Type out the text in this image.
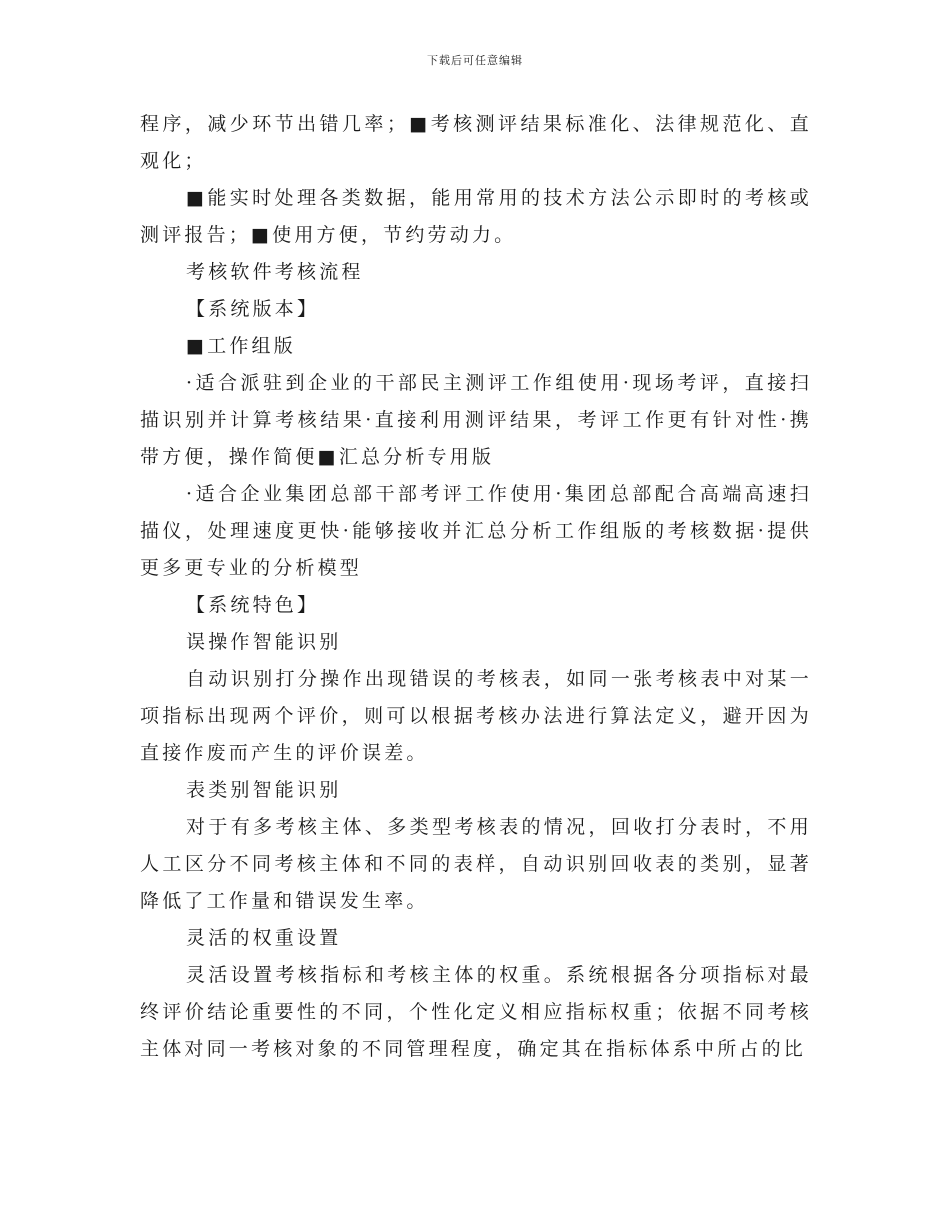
下载后可任意编辑

程序，减少环节出错几率；■考核测评结果标准化、法律规范化、直观化；

■能实时处理各类数据，能用常用的技术方法公示即时的考核或测评报告；■使用方便，节约劳动力。

考核软件考核流程

【系统版本】

■工作组版

·适合派驻到企业的干部民主测评工作组使用·现场考评，直接扫描识别并计算考核结果·直接利用测评结果，考评工作更有针对性·携带方便，操作简便■汇总分析专用版

·适合企业集团总部干部考评工作使用·集团总部配合高端高速扫描仪，处理速度更快·能够接收并汇总分析工作组版的考核数据·提供更多更专业的分析模型

【系统特色】

误操作智能识别

自动识别打分操作出现错误的考核表，如同一张考核表中对某一项指标出现两个评价，则可以根据考核办法进行算法定义，避开因为直接作废而产生的评价误差。

表类别智能识别

对于有多考核主体、多类型考核表的情况，回收打分表时，不用人工区分不同考核主体和不同的表样，自动识别回收表的类别，显著降低了工作量和错误发生率。

灵活的权重设置

灵活设置考核指标和考核主体的权重。系统根据各分项指标对最终评价结论重要性的不同，个性化定义相应指标权重；依据不同考核主体对同一考核对象的不同管理程度，确定其在指标体系中所占的比
